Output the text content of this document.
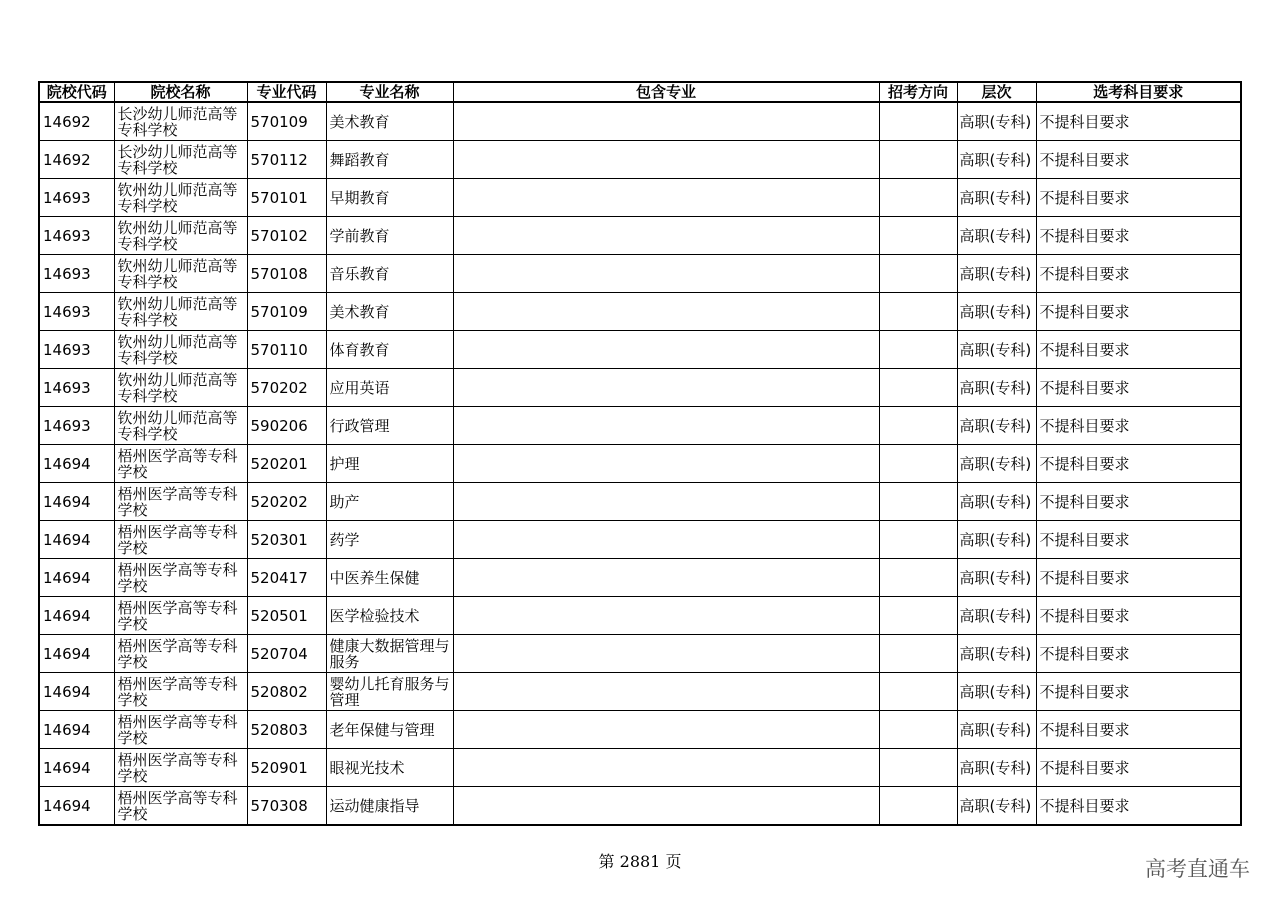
院校代码	院校名称	专业代码	专业名称	包含专业	招考方向	层次	选考科目要求
14692	长沙幼儿师范高等专科学校	570109	美术教育			高职(专科)	不提科目要求
14692	长沙幼儿师范高等专科学校	570112	舞蹈教育			高职(专科)	不提科目要求
14693	钦州幼儿师范高等专科学校	570101	早期教育			高职(专科)	不提科目要求
14693	钦州幼儿师范高等专科学校	570102	学前教育			高职(专科)	不提科目要求
14693	钦州幼儿师范高等专科学校	570108	音乐教育			高职(专科)	不提科目要求
14693	钦州幼儿师范高等专科学校	570109	美术教育			高职(专科)	不提科目要求
14693	钦州幼儿师范高等专科学校	570110	体育教育			高职(专科)	不提科目要求
14693	钦州幼儿师范高等专科学校	570202	应用英语			高职(专科)	不提科目要求
14693	钦州幼儿师范高等专科学校	590206	行政管理			高职(专科)	不提科目要求
14694	梧州医学高等专科学校	520201	护理			高职(专科)	不提科目要求
14694	梧州医学高等专科学校	520202	助产			高职(专科)	不提科目要求
14694	梧州医学高等专科学校	520301	药学			高职(专科)	不提科目要求
14694	梧州医学高等专科学校	520417	中医养生保健			高职(专科)	不提科目要求
14694	梧州医学高等专科学校	520501	医学检验技术			高职(专科)	不提科目要求
14694	梧州医学高等专科学校	520704	健康大数据管理与服务			高职(专科)	不提科目要求
14694	梧州医学高等专科学校	520802	婴幼儿托育服务与管理			高职(专科)	不提科目要求
14694	梧州医学高等专科学校	520803	老年保健与管理			高职(专科)	不提科目要求
14694	梧州医学高等专科学校	520901	眼视光技术			高职(专科)	不提科目要求
14694	梧州医学高等专科学校	570308	运动健康指导			高职(专科)	不提科目要求
第 2881 页	高考直通车
